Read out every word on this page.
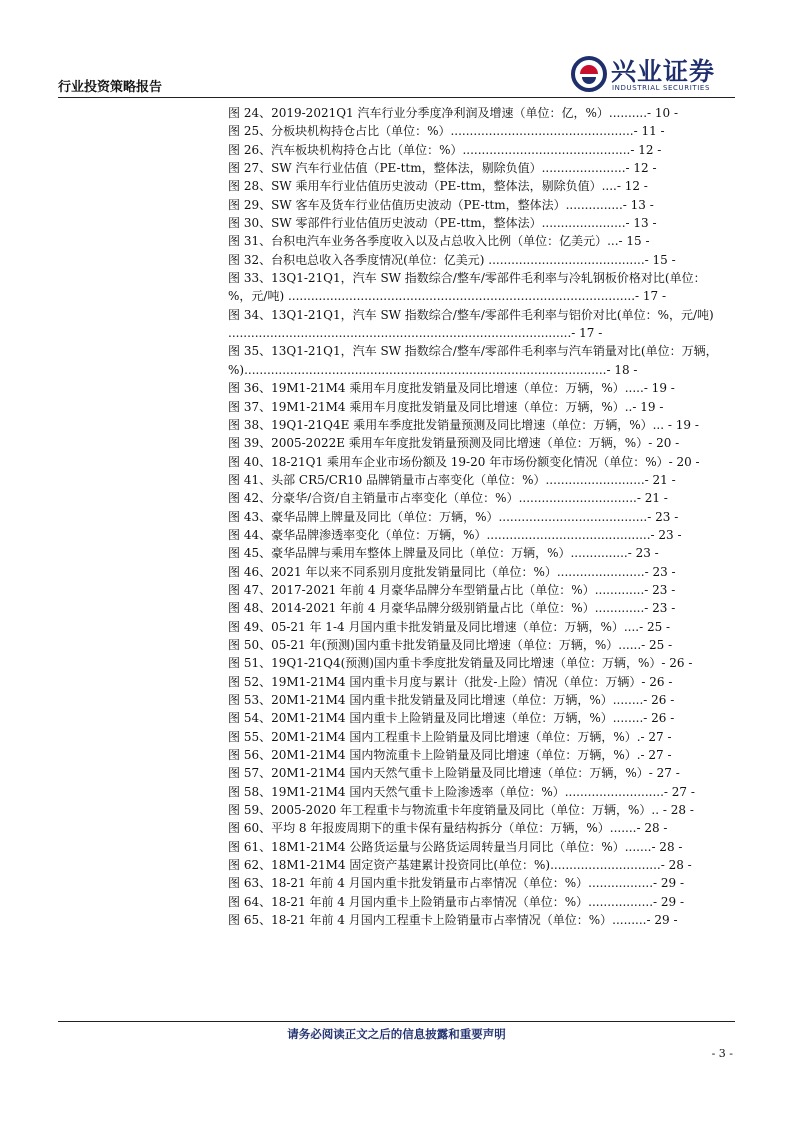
行业投资策略报告
兴业证券
INDUSTRIAL SECURITIES
图 24、2019-2021Q1 汽车行业分季度净利润及增速（单位：亿，%）..........- 10 -
图 25、分板块机构持仓占比（单位：%）................................................- 11 -
图 26、汽车板块机构持仓占比（单位：%）............................................- 12 -
图 27、SW 汽车行业估值（PE-ttm，整体法，剔除负值）......................- 12 -
图 28、SW 乘用车行业估值历史波动（PE-ttm，整体法，剔除负值）....- 12 -
图 29、SW 客车及货车行业估值历史波动（PE-ttm，整体法）...............- 13 -
图 30、SW 零部件行业估值历史波动（PE-ttm，整体法）......................- 13 -
图 31、台积电汽车业务各季度收入以及占总收入比例（单位：亿美元）...- 15 -
图 32、台积电总收入各季度情况(单位：亿美元) .........................................- 15 -
图 33、13Q1-21Q1，汽车 SW 指数综合/整车/零部件毛利率与冷轧钢板价格对比(单位：%，元/吨) ...........................................................................................- 17 -
图 34、13Q1-21Q1，汽车 SW 指数综合/整车/零部件毛利率与铝价对比(单位：%，元/吨) ..........................................................................................- 17 -
图 35、13Q1-21Q1，汽车 SW 指数综合/整车/零部件毛利率与汽车销量对比(单位：万辆，%)...............................................................................................- 18 -
图 36、19M1-21M4 乘用车月度批发销量及同比增速（单位：万辆，%）.....- 19 -
图 37、19M1-21M4 乘用车月度批发销量及同比增速（单位：万辆，%）..- 19 -
图 38、19Q1-21Q4E 乘用车季度批发销量预测及同比增速（单位：万辆，%）... - 19 -
图 39、2005-2022E 乘用车年度批发销量预测及同比增速（单位：万辆，%）- 20 -
图 40、18-21Q1 乘用车企业市场份额及 19-20 年市场份额变化情况（单位：%）- 20 -
图 41、头部 CR5/CR10 品牌销量市占率变化（单位：%）..........................- 21 -
图 42、分豪华/合资/自主销量市占率变化（单位：%）...............................- 21 -
图 43、豪华品牌上牌量及同比（单位：万辆，%）.......................................- 23 -
图 44、豪华品牌渗透率变化（单位：万辆，%）...........................................- 23 -
图 45、豪华品牌与乘用车整体上牌量及同比（单位：万辆，%）...............- 23 -
图 46、2021 年以来不同系别月度批发销量同比（单位：%）.......................- 23 -
图 47、2017-2021 年前 4 月豪华品牌分车型销量占比（单位：%）.............- 23 -
图 48、2014-2021 年前 4 月豪华品牌分级别销量占比（单位：%）.............- 23 -
图 49、05-21 年 1-4 月国内重卡批发销量及同比增速（单位：万辆，%）....- 25 -
图 50、05-21 年(预测)国内重卡批发销量及同比增速（单位：万辆，%）......- 25 -
图 51、19Q1-21Q4(预测)国内重卡季度批发销量及同比增速（单位：万辆，%）- 26 -
图 52、19M1-21M4 国内重卡月度与累计（批发-上险）情况（单位：万辆）- 26 -
图 53、20M1-21M4 国内重卡批发销量及同比增速（单位：万辆，%）........- 26 -
图 54、20M1-21M4 国内重卡上险销量及同比增速（单位：万辆，%）........- 26 -
图 55、20M1-21M4 国内工程重卡上险销量及同比增速（单位：万辆，%）.- 27 -
图 56、20M1-21M4 国内物流重卡上险销量及同比增速（单位：万辆，%）.- 27 -
图 57、20M1-21M4 国内天然气重卡上险销量及同比增速（单位：万辆，%）- 27 -
图 58、19M1-21M4 国内天然气重卡上险渗透率（单位：%）..........................- 27 -
图 59、2005-2020 年工程重卡与物流重卡年度销量及同比（单位：万辆，%）.. - 28 -
图 60、平均 8 年报废周期下的重卡保有量结构拆分（单位：万辆，%）.......- 28 -
图 61、18M1-21M4 公路货运量与公路货运周转量当月同比（单位：%）.......- 28 -
图 62、18M1-21M4 固定资产基建累计投资同比(单位：%).............................- 28 -
图 63、18-21 年前 4 月国内重卡批发销量市占率情况（单位：%）.................- 29 -
图 64、18-21 年前 4 月国内重卡上险销量市占率情况（单位：%）.................- 29 -
图 65、18-21 年前 4 月国内工程重卡上险销量市占率情况（单位：%）.........- 29 -
请务必阅读正文之后的信息披露和重要声明
- 3 -
